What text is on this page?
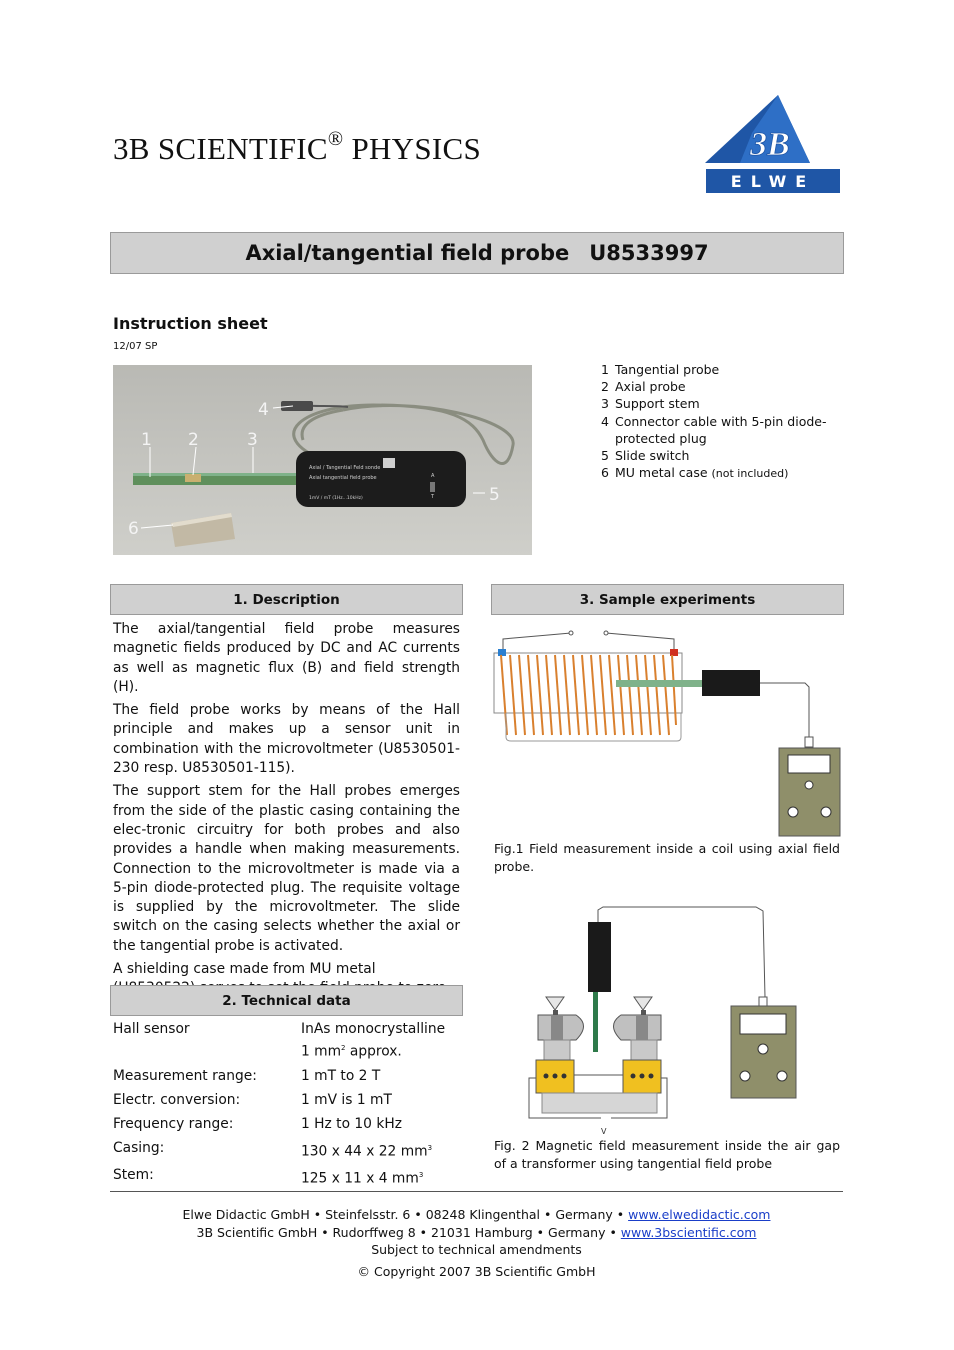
3B SCIENTIFIC® PHYSICS	3B
ELWE
Axial/tangential field probe U8533997
Instruction sheet
12/07 SP
Axial / Tangential Feld sonde
Axial tangential field probe
1mV / mT (1Hz...10kHz)
A
T
1 2	3
4
5
6
1 Tangential probe
2 Axial probe
3 Support stem
4 Connector cable with 5-pin diode-protected plug
5 Slide switch
6 MU metal case (not included)
1. Description

The axial/tangential field probe measures magnetic fields produced by DC and AC currents as well as magnetic flux (B) and field strength (H).

The field probe works by means of the Hall principle and makes up a sensor unit in combination with the microvoltmeter (U8530501-230 resp. U8530501-115).

The support stem for the Hall probes emerges from the side of the plastic casing containing the elec-tronic circuitry for both probes and also provides a handle when making measurements. Connection to the microvoltmeter is made via a 5-pin diode-protected plug. The requisite voltage is supplied by the microvoltmeter. The slide switch on the casing selects whether the axial or the tangential probe is activated.

A shielding case made from MU metal

2. Technical data
Hall sensor	InAs monocrystalline
1 $mm^2$ approx.
Measurement range:	1 mT to 2 T
Electr. conversion:	1 mV is 1 mT
Frequency range:	1 Hz to 10 kHz
Casing:	130 x 44 x 22 $mm^3$
Stem:	125 x 11 x 4 $mm^3$
3. Sample experiments
A
T
Fig.1 Field measurement inside a coil using axial field probe.
V
Fig. 2 Magnetic field measurement inside the air gap of a transformer using tangential field probe
Elwe Didactic GmbH • Steinfelsstr. 6 • 08248 Klingenthal • Germany • www.elwedidactic.com
3B Scientific GmbH • Rudorffweg 8 • 21031 Hamburg • Germany • www.3bscientific.com
Subject to technical amendments
© Copyright 2007 3B Scientific GmbH
